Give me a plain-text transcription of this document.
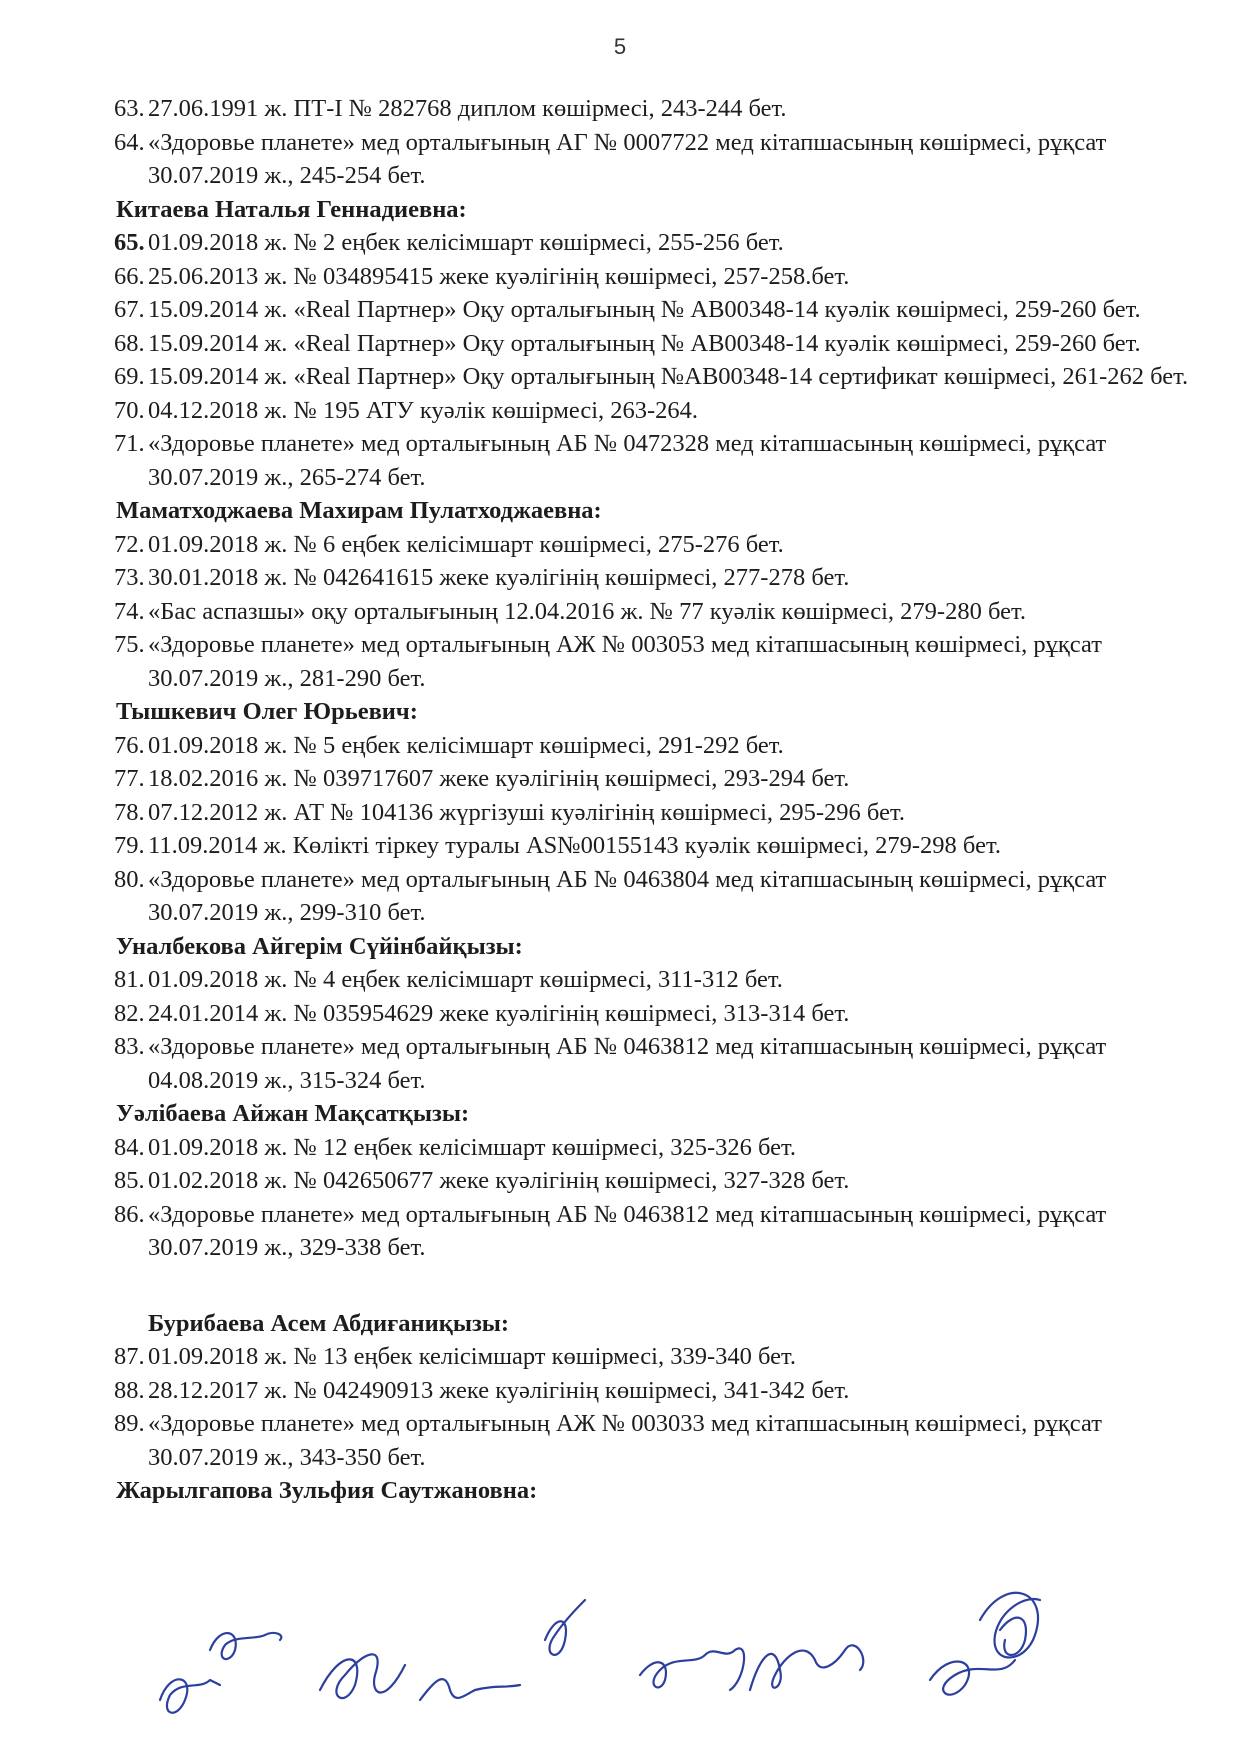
5
63. 27.06.1991 ж. ПТ-І № 282768 диплом көшірмесі, 243-244 бет.
64. «Здоровье планете» мед орталығының АГ № 0007722 мед кітапшасының көшірмесі, рұқсат 30.07.2019 ж., 245-254 бет.
Китаева Наталья Геннадиевна:
65. 01.09.2018 ж. № 2 еңбек келісімшарт көшірмесі, 255-256 бет.
66. 25.06.2013 ж. № 034895415 жеке куәлігінің көшірмесі, 257-258.бет.
67. 15.09.2014 ж. «Real Партнер» Оқу орталығының № АВ00348-14 куәлік көшірмесі, 259-260 бет.
68. 15.09.2014 ж. «Real Партнер» Оқу орталығының № АВ00348-14 куәлік көшірмесі, 259-260 бет.
69. 15.09.2014 ж. «Real Партнер» Оқу орталығының №АВ00348-14 сертификат көшірмесі, 261-262 бет.
70. 04.12.2018 ж. № 195 АТУ куәлік көшірмесі, 263-264.
71. «Здоровье планете» мед орталығының АБ № 0472328 мед кітапшасының көшірмесі, рұқсат 30.07.2019 ж., 265-274 бет.
Маматходжаева Махирам Пулатходжаевна:
72. 01.09.2018 ж. № 6 еңбек келісімшарт көшірмесі, 275-276 бет.
73. 30.01.2018 ж. № 042641615 жеке куәлігінің көшірмесі, 277-278 бет.
74. «Бас аспазшы» оқу орталығының 12.04.2016 ж. № 77 куәлік көшірмесі, 279-280 бет.
75. «Здоровье планете» мед орталығының АЖ № 003053 мед кітапшасының көшірмесі, рұқсат 30.07.2019 ж., 281-290 бет.
Тышкевич Олег Юрьевич:
76. 01.09.2018 ж. № 5 еңбек келісімшарт көшірмесі, 291-292 бет.
77. 18.02.2016 ж. № 039717607 жеке куәлігінің көшірмесі, 293-294 бет.
78. 07.12.2012 ж. АТ № 104136 жүргізуші куәлігінің көшірмесі, 295-296 бет.
79. 11.09.2014 ж. Көлікті тіркеу туралы AS№00155143 куәлік көшірмесі, 279-298 бет.
80. «Здоровье планете» мед орталығының АБ № 0463804 мед кітапшасының көшірмесі, рұқсат 30.07.2019 ж., 299-310 бет.
Уналбекова Айгерім Сүйінбайқызы:
81. 01.09.2018 ж. № 4 еңбек келісімшарт көшірмесі, 311-312 бет.
82. 24.01.2014 ж. № 035954629 жеке куәлігінің көшірмесі, 313-314 бет.
83. «Здоровье планете» мед орталығының АБ № 0463812 мед кітапшасының көшірмесі, рұқсат 04.08.2019 ж., 315-324 бет.
Уәлібаева Айжан Мақсатқызы:
84. 01.09.2018 ж. № 12 еңбек келісімшарт көшірмесі, 325-326 бет.
85. 01.02.2018 ж. № 042650677 жеке куәлігінің көшірмесі, 327-328 бет.
86. «Здоровье планете» мед орталығының АБ № 0463812 мед кітапшасының көшірмесі, рұқсат 30.07.2019 ж., 329-338 бет.
Бурибаева Асем Абдиғаниқызы:
87. 01.09.2018 ж. № 13 еңбек келісімшарт көшірмесі, 339-340 бет.
88. 28.12.2017 ж. № 042490913 жеке куәлігінің көшірмесі, 341-342 бет.
89. «Здоровье планете» мед орталығының АЖ № 003033 мед кітапшасының көшірмесі, рұқсат 30.07.2019 ж., 343-350 бет.
Жарылгапова Зульфия Саутжановна:
